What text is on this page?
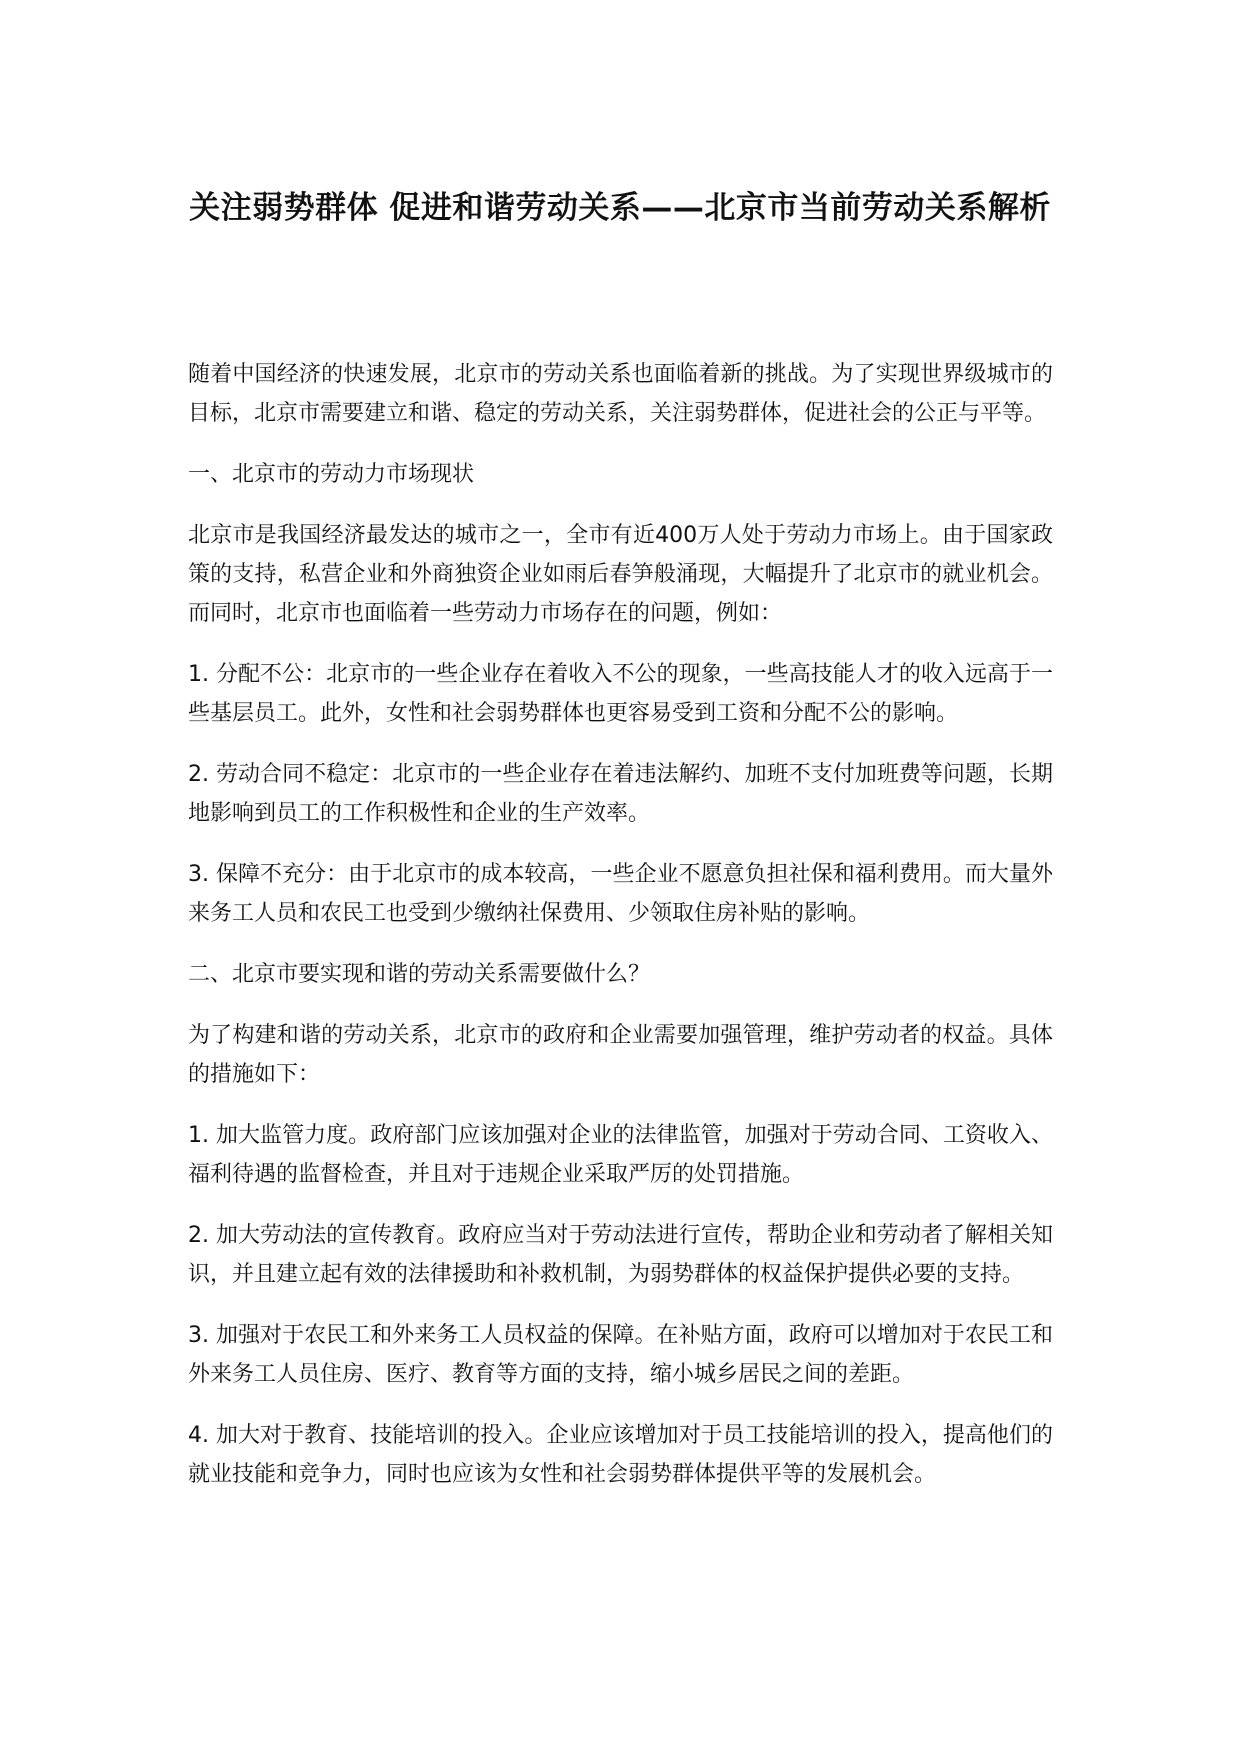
关注弱势群体 促进和谐劳动关系——北京市当前劳动关系解析

随着中国经济的快速发展，北京市的劳动关系也面临着新的挑战。为了实现世界级城市的目标，北京市需要建立和谐、稳定的劳动关系，关注弱势群体，促进社会的公正与平等。

一、北京市的劳动力市场现状

北京市是我国经济最发达的城市之一，全市有近400万人处于劳动力市场上。由于国家政策的支持，私营企业和外商独资企业如雨后春笋般涌现，大幅提升了北京市的就业机会。而同时，北京市也面临着一些劳动力市场存在的问题，例如：

1. 分配不公：北京市的一些企业存在着收入不公的现象，一些高技能人才的收入远高于一些基层员工。此外，女性和社会弱势群体也更容易受到工资和分配不公的影响。

2. 劳动合同不稳定：北京市的一些企业存在着违法解约、加班不支付加班费等问题，长期地影响到员工的工作积极性和企业的生产效率。

3. 保障不充分：由于北京市的成本较高，一些企业不愿意负担社保和福利费用。而大量外来务工人员和农民工也受到少缴纳社保费用、少领取住房补贴的影响。

二、北京市要实现和谐的劳动关系需要做什么？

为了构建和谐的劳动关系，北京市的政府和企业需要加强管理，维护劳动者的权益。具体的措施如下：

1. 加大监管力度。政府部门应该加强对企业的法律监管，加强对于劳动合同、工资收入、福利待遇的监督检查，并且对于违规企业采取严厉的处罚措施。

2. 加大劳动法的宣传教育。政府应当对于劳动法进行宣传，帮助企业和劳动者了解相关知识，并且建立起有效的法律援助和补救机制，为弱势群体的权益保护提供必要的支持。

3. 加强对于农民工和外来务工人员权益的保障。在补贴方面，政府可以增加对于农民工和外来务工人员住房、医疗、教育等方面的支持，缩小城乡居民之间的差距。

4. 加大对于教育、技能培训的投入。企业应该增加对于员工技能培训的投入，提高他们的就业技能和竞争力，同时也应该为女性和社会弱势群体提供平等的发展机会。
